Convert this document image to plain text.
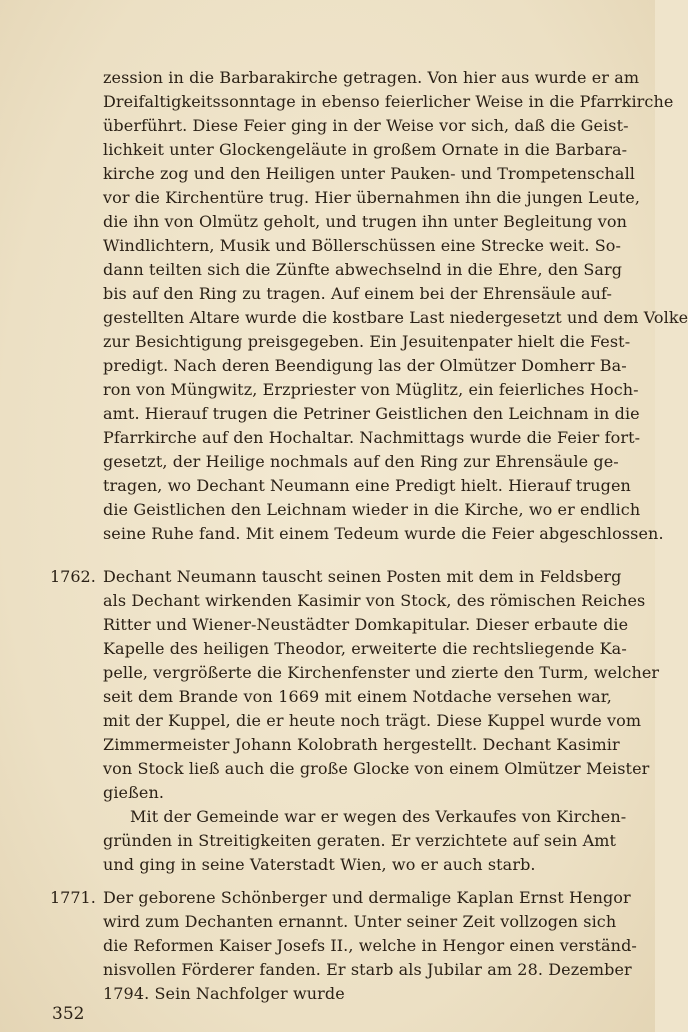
zession in die Barbarakirche getragen. Von hier aus wurde er am
Dreifaltigkeitssonntage in ebenso feierlicher Weise in die Pfarrkirche
überführt. Diese Feier ging in der Weise vor sich, daß die Geist-
lichkeit unter Glockengeläute in großem Ornate in die Barbara-
kirche zog und den Heiligen unter Pauken- und Trompetenschall
vor die Kirchentüre trug. Hier übernahmen ihn die jungen Leute,
die ihn von Olmütz geholt, und trugen ihn unter Begleitung von
Windlichtern, Musik und Böllerschüssen eine Strecke weit. So-
dann teilten sich die Zünfte abwechselnd in die Ehre, den Sarg
bis auf den Ring zu tragen. Auf einem bei der Ehrensäule auf-
gestellten Altare wurde die kostbare Last niedergesetzt und dem Volke
zur Besichtigung preisgegeben. Ein Jesuitenpater hielt die Fest-
predigt. Nach deren Beendigung las der Olmützer Domherr Ba-
ron von Müngwitz, Erzpriester von Müglitz, ein feierliches Hoch-
amt. Hierauf trugen die Petriner Geistlichen den Leichnam in die
Pfarrkirche auf den Hochaltar. Nachmittags wurde die Feier fort-
gesetzt, der Heilige nochmals auf den Ring zur Ehrensäule ge-
tragen, wo Dechant Neumann eine Predigt hielt. Hierauf trugen
die Geistlichen den Leichnam wieder in die Kirche, wo er endlich
seine Ruhe fand. Mit einem Tedeum wurde die Feier abgeschlossen.
1762. Dechant Neumann tauscht seinen Posten mit dem in Feldsberg
als Dechant wirkenden Kasimir von Stock, des römischen Reiches
Ritter und Wiener-Neustädter Domkapitular. Dieser erbaute die
Kapelle des heiligen Theodor, erweiterte die rechtsliegende Ka-
pelle, vergrößerte die Kirchenfenster und zierte den Turm, welcher
seit dem Brande von 1669 mit einem Notdache versehen war,
mit der Kuppel, die er heute noch trägt. Diese Kuppel wurde vom
Zimmermeister Johann Kolobrath hergestellt. Dechant Kasimir
von Stock ließ auch die große Glocke von einem Olmützer Meister
gießen.
Mit der Gemeinde war er wegen des Verkaufes von Kirchen-
gründen in Streitigkeiten geraten. Er verzichtete auf sein Amt
und ging in seine Vaterstadt Wien, wo er auch starb.
1771. Der geborene Schönberger und dermalige Kaplan Ernst Hengor
wird zum Dechanten ernannt. Unter seiner Zeit vollzogen sich
die Reformen Kaiser Josefs II., welche in Hengor einen verständ-
nisvollen Förderer fanden. Er starb als Jubilar am 28. Dezember
1794. Sein Nachfolger wurde
352
